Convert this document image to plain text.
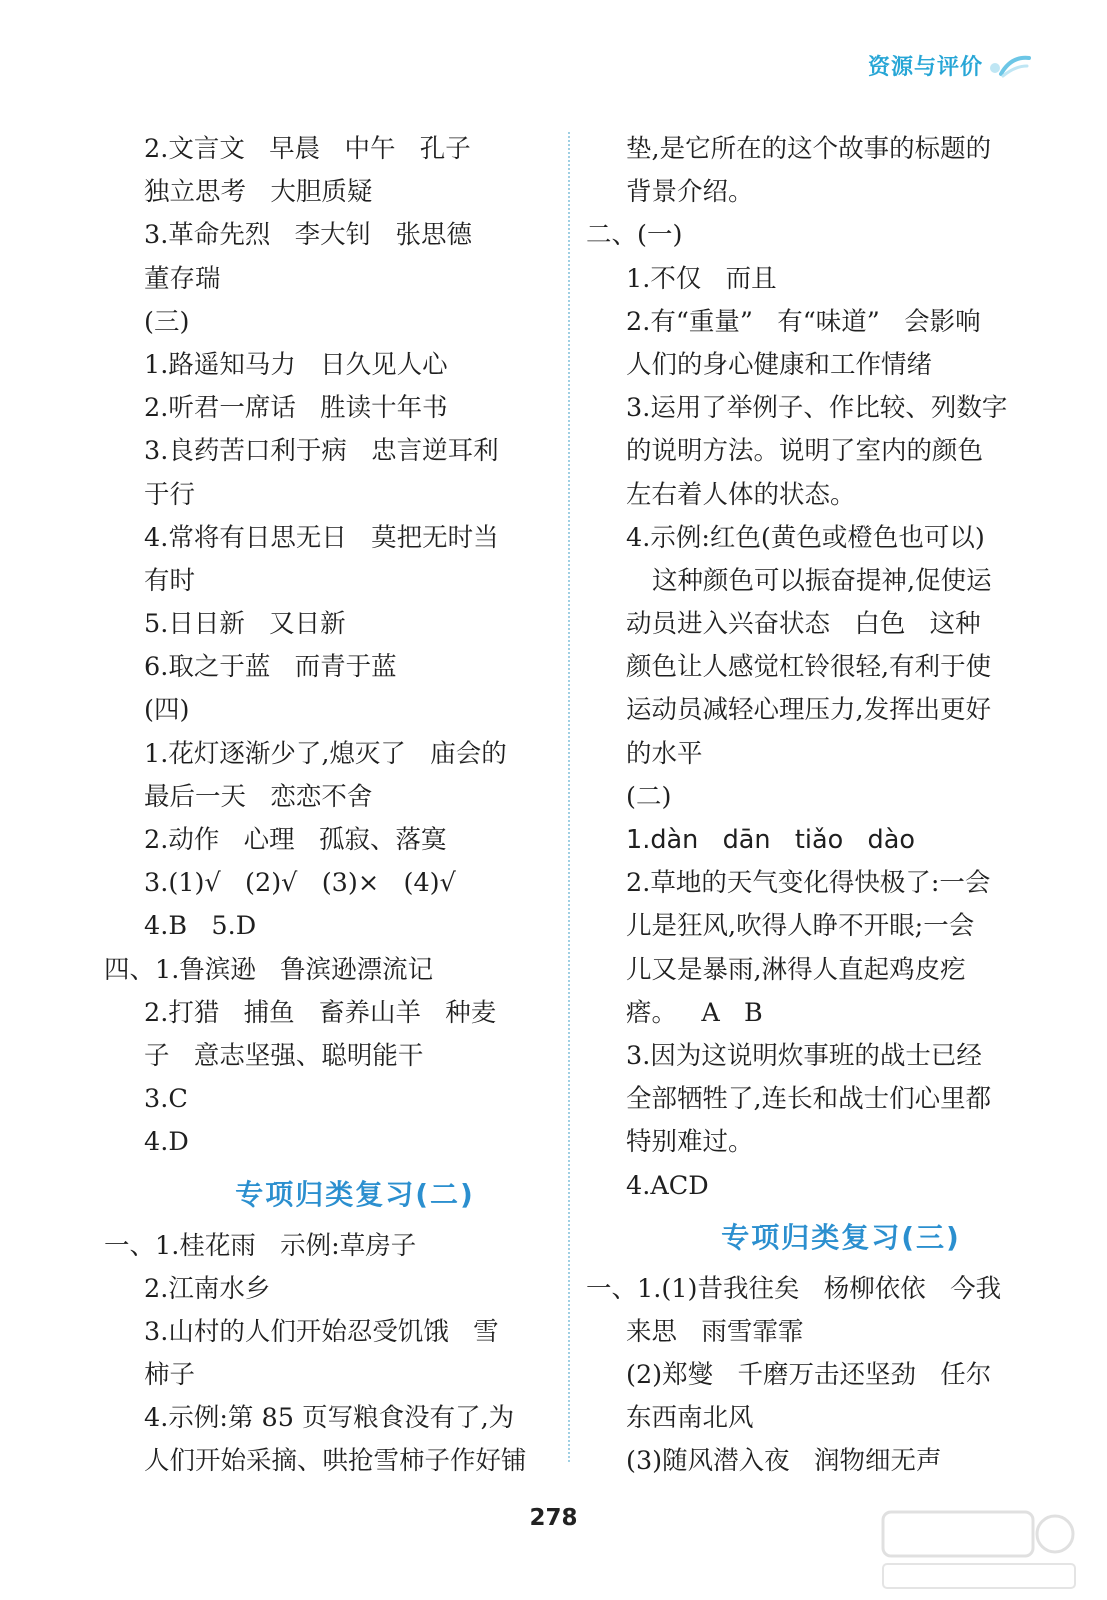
资源与评价
2.文言文   早晨   中午   孔子
独立思考   大胆质疑
3.革命先烈   李大钊   张思德
董存瑞
(三)
1.路遥知马力   日久见人心
2.听君一席话   胜读十年书
3.良药苦口利于病   忠言逆耳利
于行
4.常将有日思无日   莫把无时当
有时
5.日日新   又日新
6.取之于蓝   而青于蓝
(四)
1.花灯逐渐少了,熄灭了   庙会的
最后一天   恋恋不舍
2.动作   心理   孤寂、落寞
3.(1)√   (2)√   (3)×   (4)√
4.B   5.D
四、1.鲁滨逊   鲁滨逊漂流记
2.打猎   捕鱼   畜养山羊   种麦
子   意志坚强、聪明能干
3.C
4.D
专项归类复习(二)
一、1.桂花雨   示例:草房子
2.江南水乡
3.山村的人们开始忍受饥饿   雪
柿子
4.示例:第 85 页写粮食没有了,为
人们开始采摘、哄抢雪柿子作好铺
垫,是它所在的这个故事的标题的
背景介绍。
二、(一)
1.不仅   而且
2.有“重量”   有“味道”   会影响
人们的身心健康和工作情绪
3.运用了举例子、作比较、列数字
的说明方法。说明了室内的颜色
左右着人体的状态。
4.示例:红色(黄色或橙色也可以)
这种颜色可以振奋提神,促使运
动员进入兴奋状态   白色   这种
颜色让人感觉杠铃很轻,有利于使
运动员减轻心理压力,发挥出更好
的水平
(二)
1.dàn   dān   tiǎo   dào
2.草地的天气变化得快极了:一会
儿是狂风,吹得人睁不开眼;一会
儿又是暴雨,淋得人直起鸡皮疙
瘩。   A   B
3.因为这说明炊事班的战士已经
全部牺牲了,连长和战士们心里都
特别难过。
4.ACD
专项归类复习(三)
一、1.(1)昔我往矣   杨柳依依   今我
来思   雨雪霏霏
(2)郑燮   千磨万击还坚劲   任尔
东西南北风
(3)随风潜入夜   润物细无声
278
